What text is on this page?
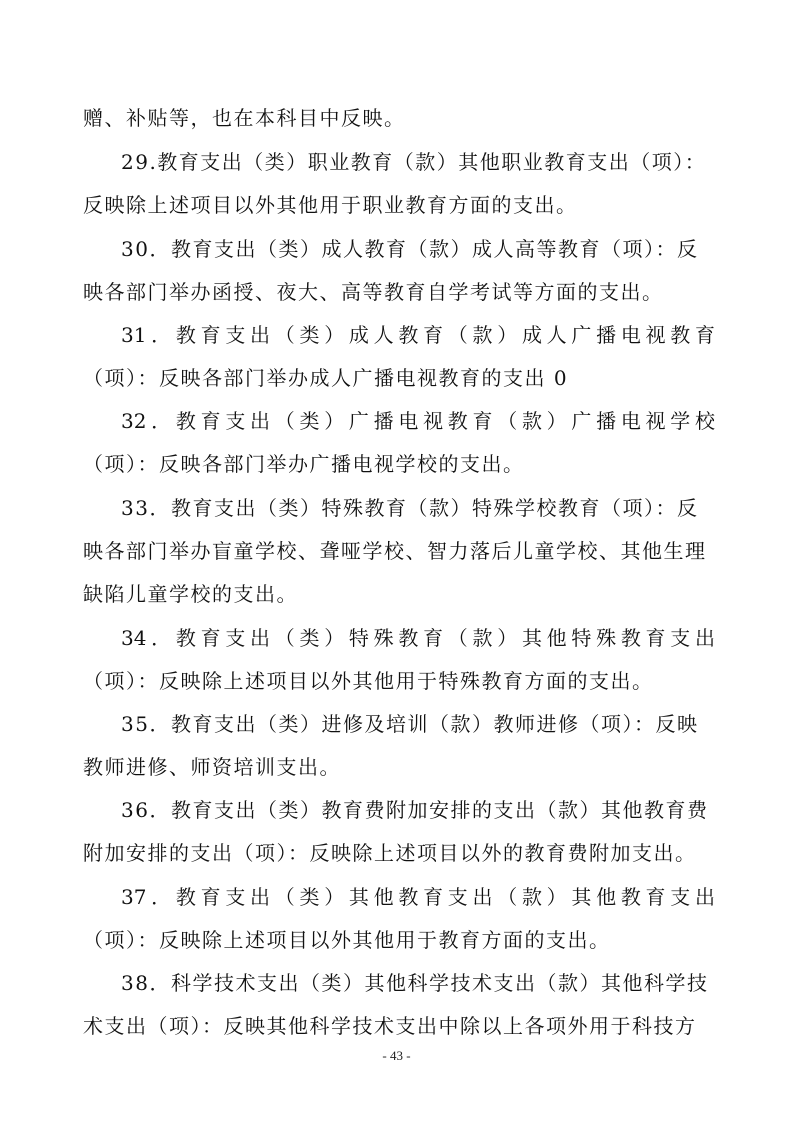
赠、补贴等，也在本科目中反映。
29.教育支出（类）职业教育（款）其他职业教育支出（项）：
反映除上述项目以外其他用于职业教育方面的支出。
30．教育支出（类）成人教育（款）成人高等教育（项）：反
映各部门举办函授、夜大、高等教育自学考试等方面的支出。
31．教育支出（类）成人教育（款）成人广播电视教育
（项）：反映各部门举办成人广播电视教育的支出 0
32．教育支出（类）广播电视教育（款）广播电视学校
（项）：反映各部门举办广播电视学校的支出。
33．教育支出（类）特殊教育（款）特殊学校教育（项）：反
映各部门举办盲童学校、聋哑学校、智力落后儿童学校、其他生理
缺陷儿童学校的支出。
34．教育支出（类）特殊教育（款）其他特殊教育支出
（项）：反映除上述项目以外其他用于特殊教育方面的支出。
35．教育支出（类）进修及培训（款）教师进修（项）：反映
教师进修、师资培训支出。
36．教育支出（类）教育费附加安排的支出（款）其他教育费
附加安排的支出（项）：反映除上述项目以外的教育费附加支出。
37．教育支出（类）其他教育支出（款）其他教育支出
（项）：反映除上述项目以外其他用于教育方面的支出。
38．科学技术支出（类）其他科学技术支出（款）其他科学技
术支出（项）：反映其他科学技术支出中除以上各项外用于科技方
- 43 -
